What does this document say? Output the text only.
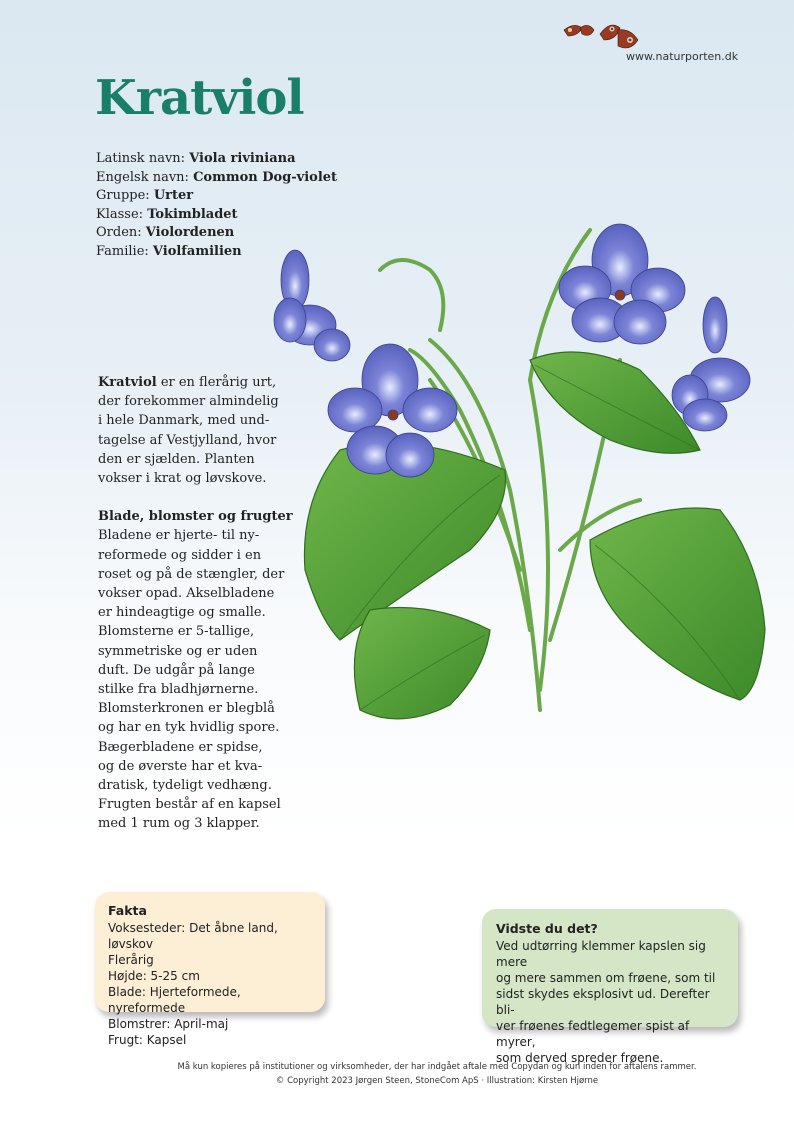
www.naturporten.dk
Kratviol
Latinsk navn: Viola riviniana
Engelsk navn: Common Dog-violet
Gruppe: Urter
Klasse: Tokimbladet
Orden: Violordenen
Familie: Violfamilien

Kratviol er en flerårig urt,

der forekommer almindelig

i hele Danmark, med und-

tagelse af Vestjylland, hvor

den er sjælden. Planten

vokser i krat og løvskove.

Blade, blomster og frugter

Bladene er hjerte- til ny-

reformede og sidder i en

roset og på de stængler, der

vokser opad. Akselbladene

er hindeagtige og smalle.

Blomsterne er 5-tallige,

symmetriske og er uden

duft. De udgår på lange

stilke fra bladhjørnerne.

Blomsterkronen er blegblå

og har en tyk hvidlig spore.

Bægerbladene er spidse,

og de øverste har et kva-

dratisk, tydeligt vedhæng.

Frugten består af en kapsel

med 1 rum og 3 klapper.

Fakta
Voksesteder: Det åbne land, løvskov
Flerårig
Højde: 5-25 cm
Blade: Hjerteformede, nyreformede
Blomstrer: April-maj
Frugt: Kapsel
Vidste du det?
Ved udtørring klemmer kapslen sig mere
og mere sammen om frøene, som til
sidst skydes eksplosivt ud. Derefter bli-
ver frøenes fedtlegemer spist af myrer,
som derved spreder frøene.
Må kun kopieres på institutioner og virksomheder, der har indgået aftale med Copydan og kun inden for aftalens rammer.
© Copyright 2023 Jørgen Steen, StoneCom ApS · Illustration: Kirsten Hjørne
